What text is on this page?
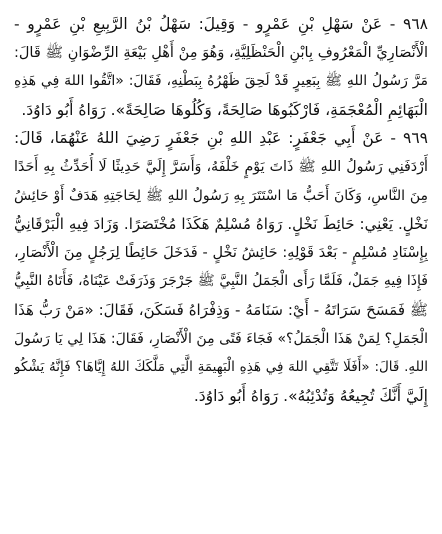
٩٦٨ - عَنْ سَهْلِ بْنِ عَمْرٍو - وَقِيلَ: سَهْلُ بْنُ الرَّبِيعِ بْنِ عَمْرٍو -
الْأَنْصَارِيِّ الْمَعْرُوفِ بِابْنِ الْحَنْظَلِيَّةِ، وَهُوَ مِنْ أَهْلِ بَيْعَةِ الرِّضْوَانِ ﷺ قَالَ:
مَرَّ رَسُولُ اللهِ ﷺ بِبَعِيرٍ قَدْ لَحِقَ ظَهْرُهُ بِبَطْنِهِ، فَقَالَ: «اتَّقُوا اللهَ فِي هَذِهِ
الْبَهَائِمِ الْمُعْجَمَةِ، فَارْكَبُوهَا صَالِحَةً، وَكُلُوهَا صَالِحَةً». رَوَاهُ أَبُو دَاوُدَ.
٩٦٩ - عَنْ أَبِي جَعْفَرٍ: عَبْدِ اللهِ بْنِ جَعْفَرٍ رَضِيَ اللهُ عَنْهُمَا، قَالَ:
أَرْدَفَنِي رَسُولُ اللهِ ﷺ ذَاتَ يَوْمٍ خَلْفَهُ، وَأَسَرَّ إِلَيَّ حَدِيثًا لَا أُحَدِّثُ بِهِ أَحَدًا
مِنَ النَّاسِ، وَكَانَ أَحَبُّ مَا اسْتَتَرَ بِهِ رَسُولُ اللهِ ﷺ لِحَاجَتِهِ هَدَفٌ أَوْ حَائِشُ
نَخْلٍ. يَعْنِي: حَائِطَ نَخْلٍ. رَوَاهُ مُسْلِمٌ هَكَذَا مُخْتَصَرًا. وَزَادَ فِيهِ الْبَرْقَانِيُّ
بِإِسْنَادِ مُسْلِمٍ - بَعْدَ قَوْلِهِ: حَائِشُ نَخْلٍ - فَدَخَلَ حَائِطًا لِرَجُلٍ مِنَ الْأَنْصَارِ،
فَإِذَا فِيهِ جَمَلٌ، فَلَمَّا رَأَى الْجَمَلُ النَّبِيَّ ﷺ جَرْجَرَ وَذَرَفَتْ عَيْنَاهُ، فَأَتَاهُ النَّبِيُّ
ﷺ فَمَسَحَ سَرَاتَهُ - أَيْ: سَنَامَهُ - وَذِفْرَاهُ فَسَكَنَ، فَقَالَ: «مَنْ رَبُّ هَذَا
الْجَمَلِ؟ لِمَنْ هَذَا الْجَمَلُ؟» فَجَاءَ فَتًى مِنَ الْأَنْصَارِ، فَقَالَ: هَذَا لِي يَا رَسُولَ
اللهِ. قَالَ: «أَفَلَا تَتَّقِي اللهَ فِي هَذِهِ الْبَهِيمَةِ الَّتِي مَلَّكَكَ اللهُ إِيَّاهَا؟ فَإِنَّهُ يَشْكُو
إِلَيَّ أَنَّكَ تُجِيعُهُ وَتُدْئِبُهُ». رَوَاهُ أَبُو دَاوُدَ.
